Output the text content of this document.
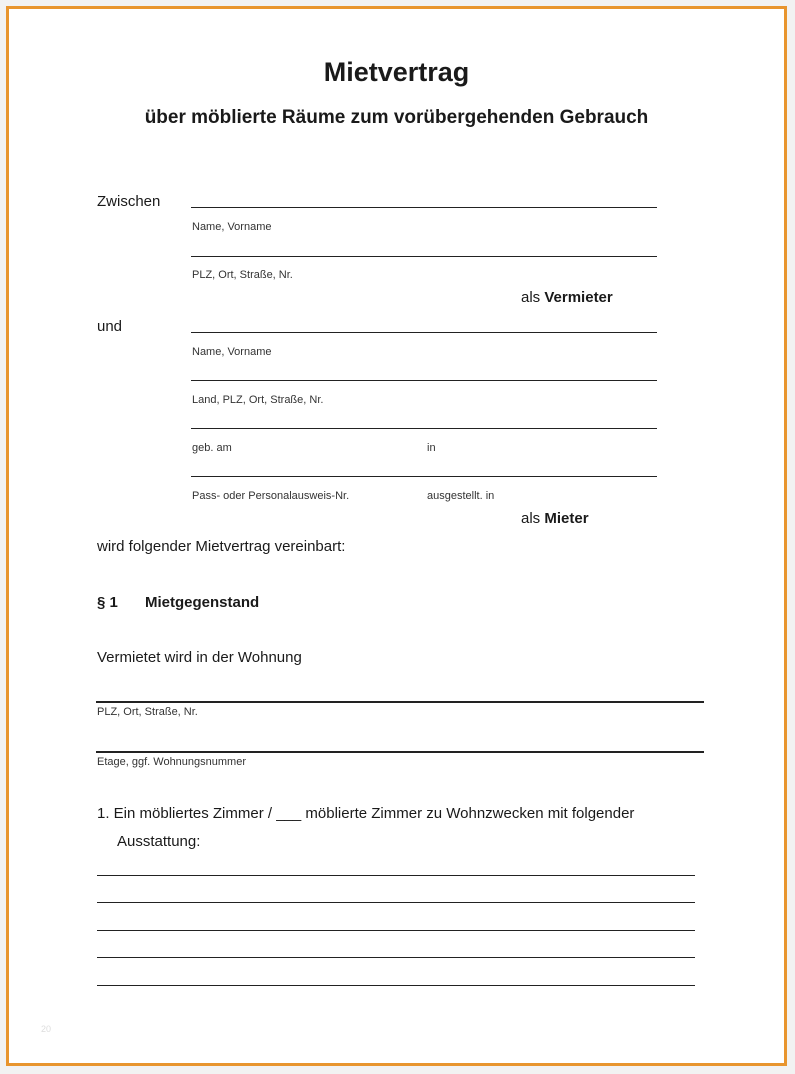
Mietvertrag
über möblierte Räume zum vorübergehenden Gebrauch
Zwischen
Name, Vorname
PLZ, Ort, Straße, Nr.
als Vermieter
und
Name, Vorname
Land, PLZ, Ort, Straße, Nr.
geb. am	in
Pass- oder Personalausweis-Nr.	ausgestellt. in
als Mieter
wird folgender Mietvertrag vereinbart:
§ 1 Mietgegenstand
Vermietet wird in der Wohnung
PLZ, Ort, Straße, Nr.
Etage, ggf. Wohnungsnummer
1. Ein möbliertes Zimmer / ___ möblierte Zimmer zu Wohnzwecken mit folgender
Ausstattung:
20
